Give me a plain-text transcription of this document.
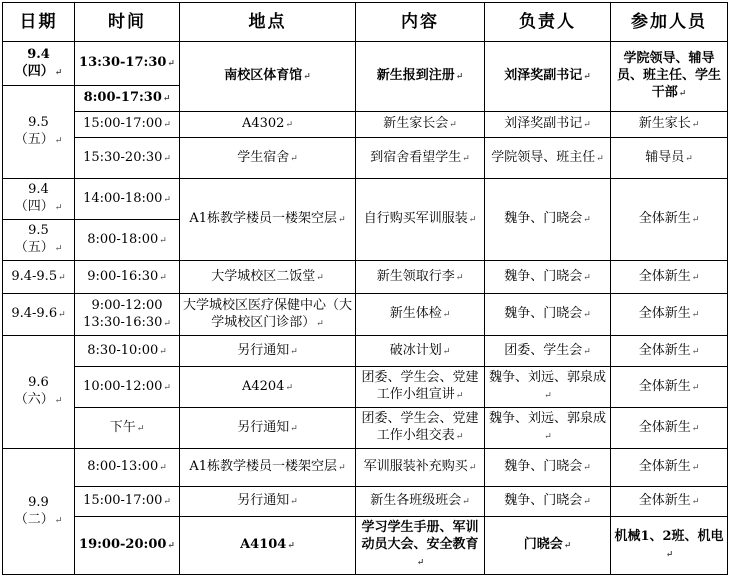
日期	时间	地点	内容	负责人	参加人员
9.4
（四）↵	13:30-17:30↵	南校区体育馆↵	新生报到注册↵	刘泽奖副书记↵	学院领导、辅导员、班主任、学生干部↵
9.5
（五）↵	8:00-17:30↵				
	15:00-17:00↵	A4302↵	新生家长会↵	刘泽奖副书记↵	新生家长↵
	15:30-20:30↵	学生宿舍↵	到宿舍看望学生↵	学院领导、班主任↵	辅导员↵
9.4
（四）↵	14:00-18:00↵	A1栋教学楼员一楼架空层↵	自行购买军训服装↵	魏争、门晓会↵	全体新生↵
9.5
（五）↵	8:00-18:00↵				
9.4-9.5↵	9:00-16:30↵	大学城校区二饭堂↵	新生领取行李↵	魏争、门晓会↵	全体新生↵
9.4-9.6↵	9:00-12:00
13:30-16:30↵	大学城校区医疗保健中心（大学城校区门诊部）↵	新生体检↵	魏争、门晓会↵	全体新生↵
9.6
（六）↵	8:30-10:00↵	另行通知↵	破冰计划↵	团委、学生会↵	全体新生↵
	10:00-12:00↵	A4204↵	团委、学生会、党建工作小组宣讲↵	魏争、刘远、郭泉成↵	全体新生↵
	下午↵	另行通知↵	团委、学生会、党建工作小组交表↵	魏争、刘远、郭泉成↵	全体新生↵
9.9
（二）↵	8:00-13:00↵	A1栋教学楼员一楼架空层↵	军训服装补充购买↵	魏争、门晓会↵	全体新生↵
	15:00-17:00↵	另行通知↵	新生各班级班会↵	魏争、门晓会↵	全体新生↵
	19:00-20:00↵	A4104↵	学习学生手册、军训动员大会、安全教育↵	门晓会↵	机械1、2班、机电↵
